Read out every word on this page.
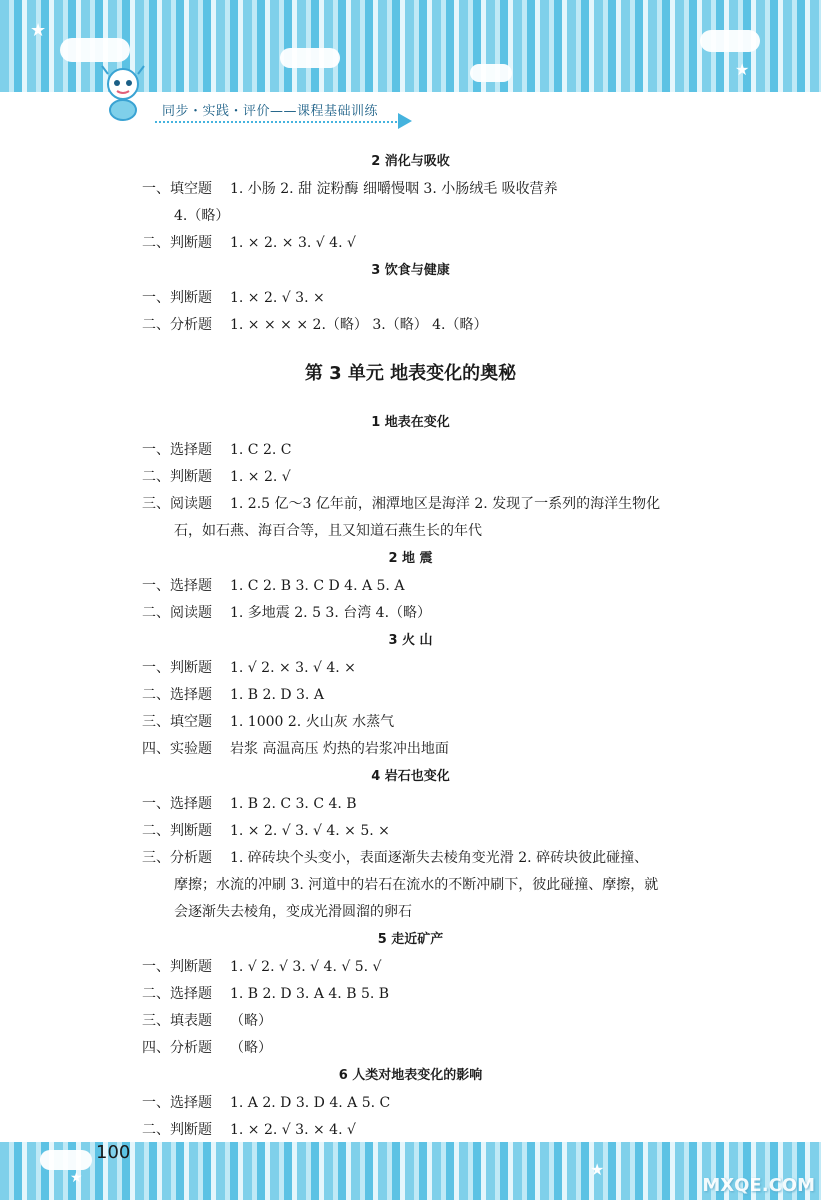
★
★
同步・实践・评价——课程基础训练
2 消化与吸收
一、填空题 1. 小肠 2. 甜 淀粉酶 细嚼慢咽 3. 小肠绒毛 吸收营养
4.（略）
二、判断题 1. × 2. × 3. √ 4. √
3 饮食与健康
一、判断题 1. × 2. √ 3. ×
二、分析题 1. × × × × 2.（略） 3.（略） 4.（略）
第 3 单元 地表变化的奥秘
1 地表在变化
一、选择题 1. C 2. C
二、判断题 1. × 2. √
三、阅读题 1. 2.5 亿～3 亿年前，湘潭地区是海洋 2. 发现了一系列的海洋生物化
石，如石燕、海百合等，且又知道石燕生长的年代
2 地 震
一、选择题 1. C 2. B 3. C D 4. A 5. A
二、阅读题 1. 多地震 2. 5 3. 台湾 4.（略）
3 火 山
一、判断题 1. √ 2. × 3. √ 4. ×
二、选择题 1. B 2. D 3. A
三、填空题 1. 1000 2. 火山灰 水蒸气
四、实验题 岩浆 高温高压 灼热的岩浆冲出地面
4 岩石也变化
一、选择题 1. B 2. C 3. C 4. B
二、判断题 1. × 2. √ 3. √ 4. × 5. ×
三、分析题 1. 碎砖块个头变小，表面逐渐失去棱角变光滑 2. 碎砖块彼此碰撞、
摩擦；水流的冲刷 3. 河道中的岩石在流水的不断冲刷下，彼此碰撞、摩擦，就
会逐渐失去棱角，变成光滑圆溜的卵石
5 走近矿产
一、判断题 1. √ 2. √ 3. √ 4. √ 5. √
二、选择题 1. B 2. D 3. A 4. B 5. B
三、填表题 （略）
四、分析题 （略）
6 人类对地表变化的影响
一、选择题 1. A 2. D 3. D 4. A 5. C
二、判断题 1. × 2. √ 3. × 4. √
★	★
100
MXQE.COM
